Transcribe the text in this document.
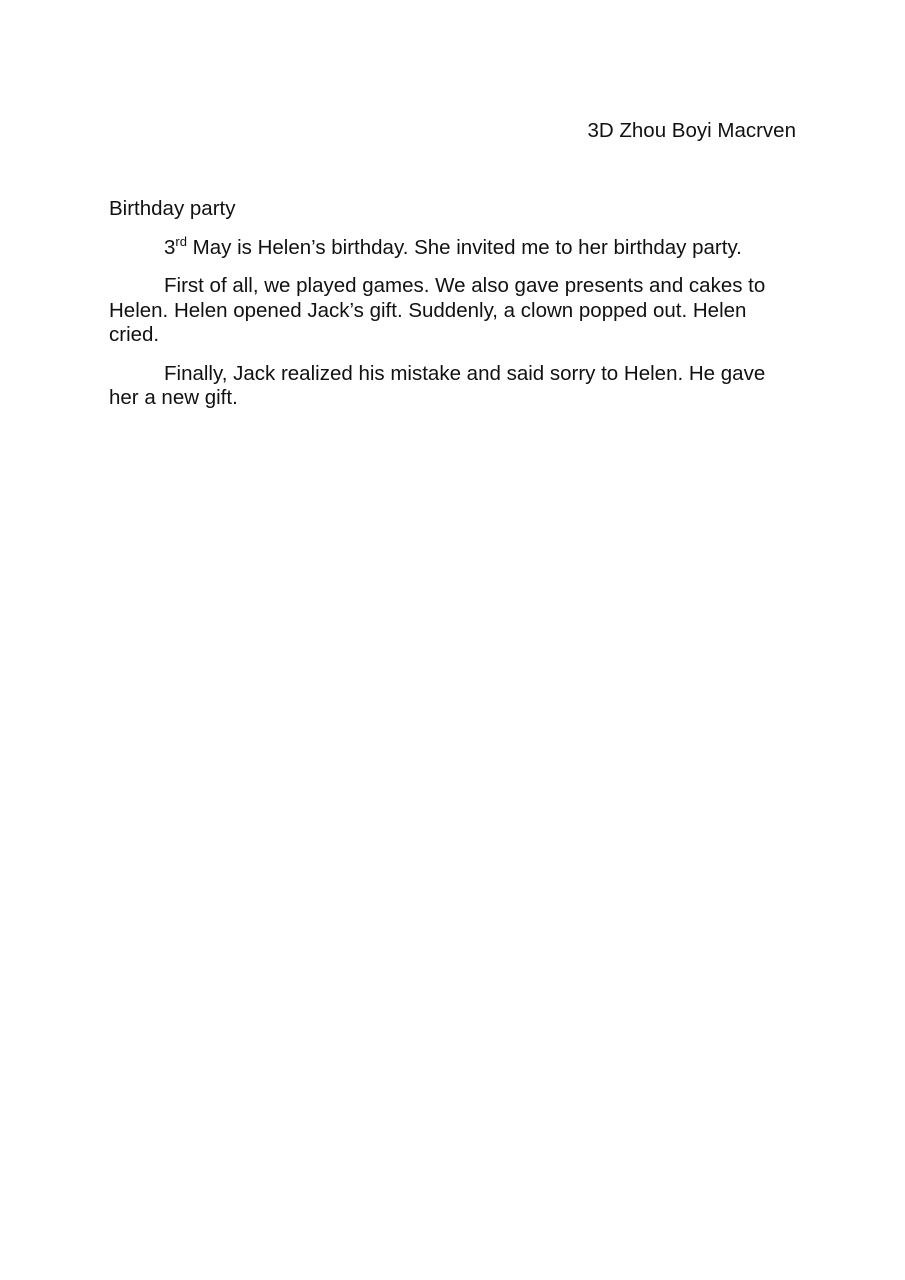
3D Zhou Boyi Macrven
Birthday party

3rd May is Helen’s birthday. She invited me to her birthday party.

First of all, we played games. We also gave presents and cakes to Helen. Helen opened Jack’s gift. Suddenly, a clown popped out. Helen cried.

Finally, Jack realized his mistake and said sorry to Helen. He gave her a new gift.
